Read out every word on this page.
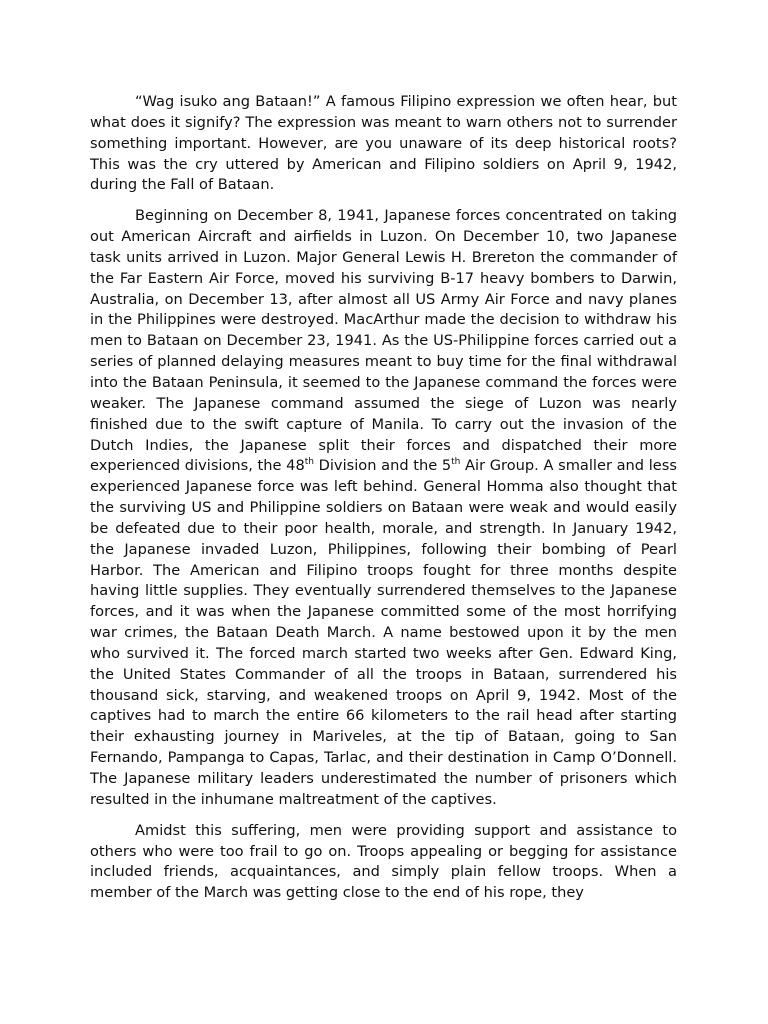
“Wag isuko ang Bataan!” A famous Filipino expression we often hear, but what does it signify? The expression was meant to warn others not to surrender something important. However, are you unaware of its deep historical roots? This was the cry uttered by American and Filipino soldiers on April 9, 1942, during the Fall of Bataan.

Beginning on December 8, 1941, Japanese forces concentrated on taking out American Aircraft and airfields in Luzon. On December 10, two Japanese task units arrived in Luzon. Major General Lewis H. Brereton the commander of the Far Eastern Air Force, moved his surviving B-17 heavy bombers to Darwin, Australia, on December 13, after almost all US Army Air Force and navy planes in the Philippines were destroyed. MacArthur made the decision to withdraw his men to Bataan on December 23, 1941. As the US-Philippine forces carried out a series of planned delaying measures meant to buy time for the final withdrawal into the Bataan Peninsula, it seemed to the Japanese command the forces were weaker. The Japanese command assumed the siege of Luzon was nearly finished due to the swift capture of Manila. To carry out the invasion of the Dutch Indies, the Japanese split their forces and dispatched their more experienced divisions, the 48th Division and the 5th Air Group. A smaller and less experienced Japanese force was left behind. General Homma also thought that the surviving US and Philippine soldiers on Bataan were weak and would easily be defeated due to their poor health, morale, and strength. In January 1942, the Japanese invaded Luzon, Philippines, following their bombing of Pearl Harbor. The American and Filipino troops fought for three months despite having little supplies. They eventually surrendered themselves to the Japanese forces, and it was when the Japanese committed some of the most horrifying war crimes, the Bataan Death March. A name bestowed upon it by the men who survived it. The forced march started two weeks after Gen. Edward King, the United States Commander of all the troops in Bataan, surrendered his thousand sick, starving, and weakened troops on April 9, 1942. Most of the captives had to march the entire 66 kilometers to the rail head after starting their exhausting journey in Mariveles, at the tip of Bataan, going to San Fernando, Pampanga to Capas, Tarlac, and their destination in Camp O’Donnell. The Japanese military leaders underestimated the number of prisoners which resulted in the inhumane maltreatment of the captives.

Amidst this suffering, men were providing support and assistance to others who were too frail to go on. Troops appealing or begging for assistance included friends, acquaintances, and simply plain fellow troops. When a member of the March was getting close to the end of his rope, they
